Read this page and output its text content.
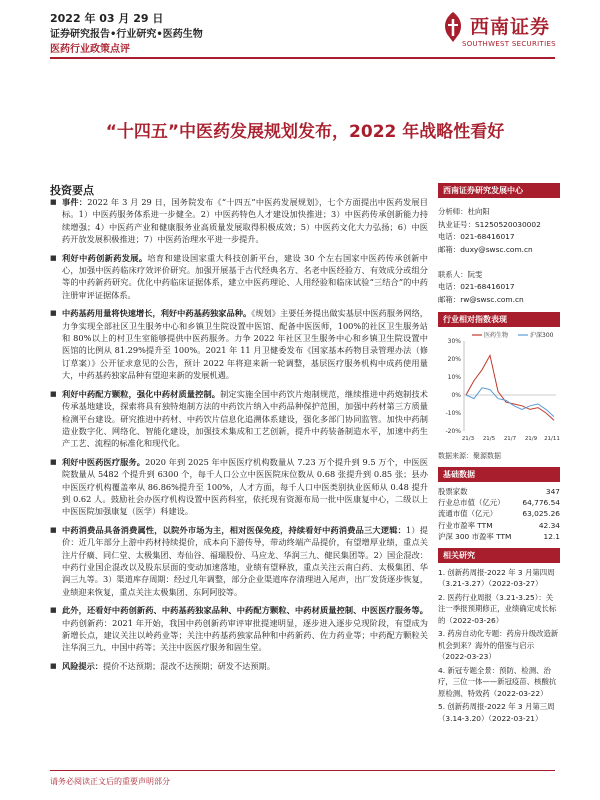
2022 年 03 月 29 日
证券研究报告•行业研究•医药生物
医药行业政策点评
西南证券
SOUTHWEST SECURITIES
“十四五”中医药发展规划发布，2022 年战略性看好
投资要点
■ 事件：2022 年 3 月 29 日，国务院发布《“十四五”中医药发展规划》，七个方面提出中医药发展目标。1）中医药服务体系进一步健全。2）中医药特色人才建设加快推进；3）中医药传承创新能力持续增强；4）中医药产业和健康服务业高质量发展取得积极成效；5）中医药文化大力弘扬；6）中医药开放发展积极推进；7）中医药治理水平进一步提升。
■ 利好中药创新药发展。培育和建设国家重大科技创新平台，建设 30 个左右国家中医药传承创新中心，加强中医药临床疗效评价研究。加强开展基于古代经典名方、名老中医经验方、有效成分或组分等的中药新药研究。优化中药临床证据体系，建立中医药理论、人用经验和临床试验“三结合”的中药注册审评证据体系。
■ 中药基药用量将快速增长，利好中药基药独家品种。《规划》主要任务提出做实基层中医药服务网络，力争实现全部社区卫生服务中心和乡镇卫生院设置中医馆、配备中医医师，100%的社区卫生服务站和 80%以上的村卫生室能够提供中医药服务。力争 2022 年社区卫生服务中心和乡镇卫生院设置中医馆的比例从 81.29%提升至 100%。2021 年 11 月卫健委发布《国家基本药物目录管理办法（修订草案）》公开征求意见的公告，预计 2022 年将迎来新一轮调整，基层医疗服务机构中成药使用量大，中药基药独家品种有望迎来新的发展机遇。
■ 利好中药配方颗粒，强化中药材质量控制。制定实施全国中药饮片炮制规范，继续推进中药炮制技术传承基地建设，探索将具有独特炮制方法的中药饮片纳入中药品种保护范围，加强中药材第三方质量检测平台建设。研究推进中药材、中药饮片信息化追溯体系建设，强化多部门协同监管。加快中药制造业数字化、网络化、智能化建设，加强技术集成和工艺创新，提升中药装备制造水平，加速中药生产工艺、流程的标准化和现代化。
■ 利好中医药医疗服务。2020 年到 2025 年中医医疗机构数量从 7.23 万个提升到 9.5 万个，中医医院数量从 5482 个提升到 6300 个，每千人口公立中医医院床位数从 0.68 张提升到 0.85 张；县办中医医疗机构覆盖率从 86.86%提升至 100%，人才方面，每千人口中医类别执业医师从 0.48 提升到 0.62 人。鼓励社会办医疗机构设置中医药科室，依托现有资源布局一批中医康复中心，二级以上中医医院加强康复（医学）科建设。
■ 中药消费品具备消费属性，以院外市场为主，相对医保免疫，持续看好中药消费品三大逻辑：1）提价：近几年部分上游中药材持续提价，成本向下游传导，带动终端产品提价，有望增厚业绩，重点关注片仔癀、同仁堂、太极集团、寿仙谷、福瑞股份、马应龙、华润三九、健民集团等。2）国企混改：中药行业国企混改以及股东层面的变动加速落地，业绩有望释放，重点关注云南白药、太极集团、华润三九等。3）渠道库存周期：经过几年调整，部分企业渠道库存清理进入尾声，出厂发货逐步恢复，业绩迎来恢复，重点关注太极集团、东阿阿胶等。
■ 此外，还看好中药创新药、中药基药独家品种、中药配方颗粒、中药材质量控制、中医医疗服务等。中药创新药：2021 年开始，我国中药创新药审评审批提速明显，逐步进入逐步兑现阶段，有望成为新增长点，建议关注以岭药业等；关注中药基药独家品种和中药新药、佐力药业等；中药配方颗粒关注华润三九、中国中药等；关注中医医疗服务和固生堂。
■ 风险提示：提价不达预期；混改不达预期；研发不达预期。
西南证券研究发展中心
分析师：杜向阳
执业证号：S1250520030002
电话：021-68416017
邮箱：duxy@swsc.com.cn
联系人：阮雯
电话：021-68416017
邮箱：rw@swsc.com.cn
行业相对指数表现
30%
20%
10%
0%
-10%
-20%
21/3 21/5 21/7 21/9 21/11
医药生物	沪深300
数据来源：聚源数据
基础数据
股票家数	347
行业总市值（亿元） 64,776.54
流通市值（亿元）	63,025.26
行业市盈率 TTM	42.34
沪深 300 市盈率 TTM	12.1
相关研究
1. 创新药周报-2022 年 3 月第四周（3.21-3.27）（2022-03-27）
2. 医药行业周报（3.21-3.25）：关注一季报预期修正，业绩确定成长标的（2022-03-26）
3. 药房自动化专题：药房升级改造新机会到来？海外的借鉴与启示（2022-03-23）
4. 新冠专题全景：预防、检测、治疗，三位一体——新冠疫苗、核酸抗原检测、特效药（2022-03-22）
5. 创新药周报-2022 年 3 月第三周（3.14-3.20）（2022-03-21）
请务必阅读正文后的重要声明部分
